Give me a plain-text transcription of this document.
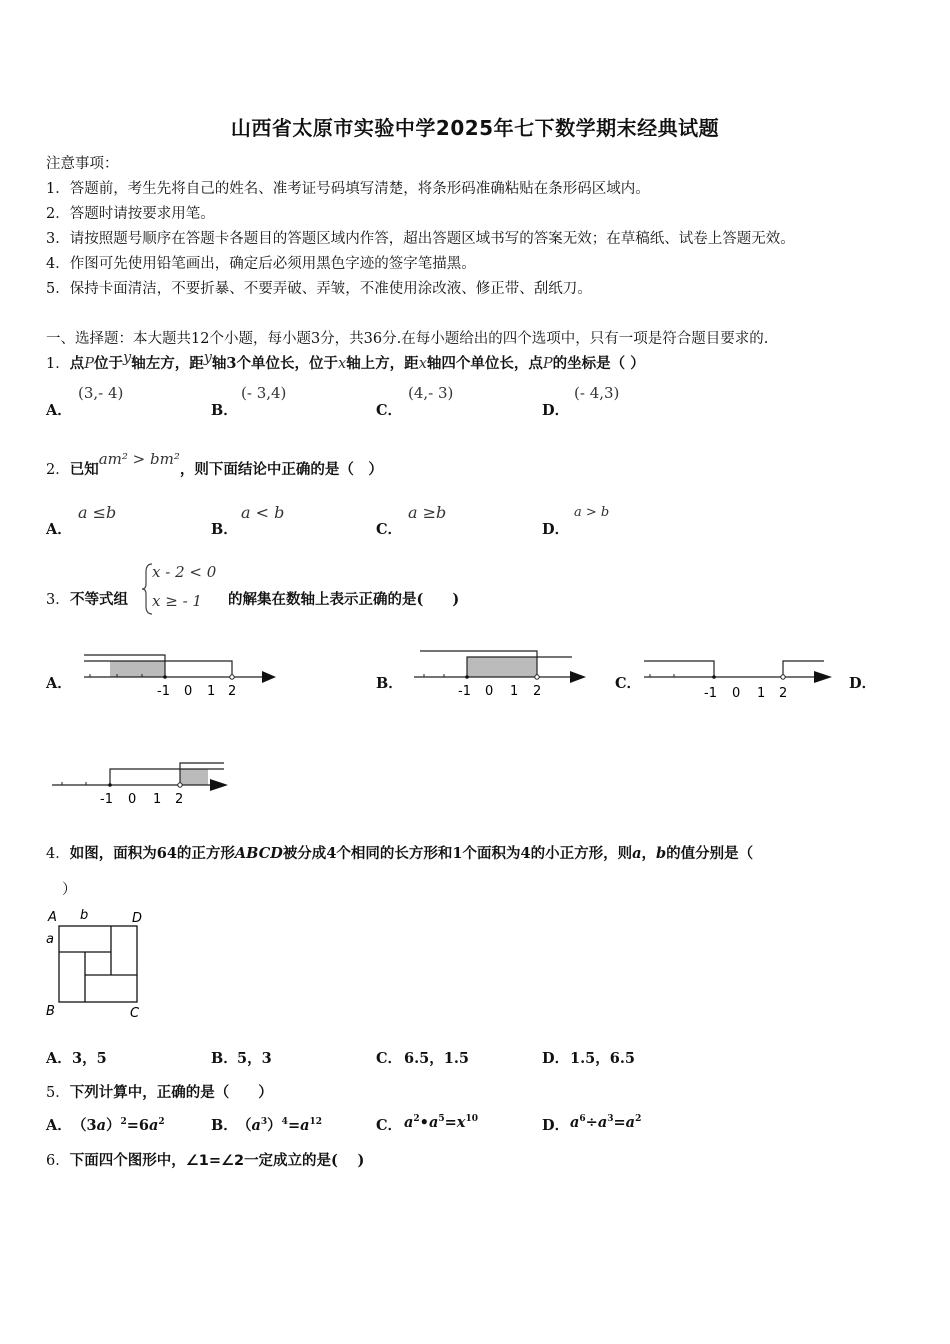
山西省太原市实验中学2025年七下数学期末经典试题
注意事项：
1．答题前，考生先将自己的姓名、准考证号码填写清楚，将条形码准确粘贴在条形码区域内。
2．答题时请按要求用笔。
3．请按照题号顺序在答题卡各题目的答题区域内作答，超出答题区域书写的答案无效；在草稿纸、试卷上答题无效。
4．作图可先使用铅笔画出，确定后必须用黑色字迹的签字笔描黑。
5．保持卡面清洁，不要折暴、不要弄破、弄皱，不准使用涂改液、修正带、刮纸刀。
一、选择题：本大题共12个小题，每小题3分，共36分.在每小题给出的四个选项中，只有一项是符合题目要求的.
1．点P位于y轴左方，距y轴3个单位长，位于x轴上方，距x轴四个单位长，点P的坐标是（ ）
A．
(3,- 4)
B．
(- 3,4)
C．
(4,- 3)
D．
(- 4,3)
2．已知am² > bm²，则下面结论中正确的是（　）
A．
a ≤b
B．
a < b
C．
a ≥b
D．
a > b
3． 不等式组
x - 2 < 0
x ≥ - 1 的解集在数轴上表示正确的是(　　)
A．	-1 0 1 2	B．	-1 0 1 2	C．
-1 0 1 2
D．
-1 0 1 2
4．如图，面积为64的正方形ABCD被分成4个相同的长方形和1个面积为4的小正方形，则a，b的值分别是（
）
A b	D
a
B	C
A． 3，5	B． 5，3	C． 6.5，1.5	D． 1.5，6.5
5．下列计算中，正确的是（　　）
A． $(3a)^2=6a^2$	B． $(a^3)^4=a^{12}$	C． $a^2•a^5=x^{10}$	D． $a^6\div a^3=a^2$
6．下面四个图形中，∠1=∠2一定成立的是(　 )
